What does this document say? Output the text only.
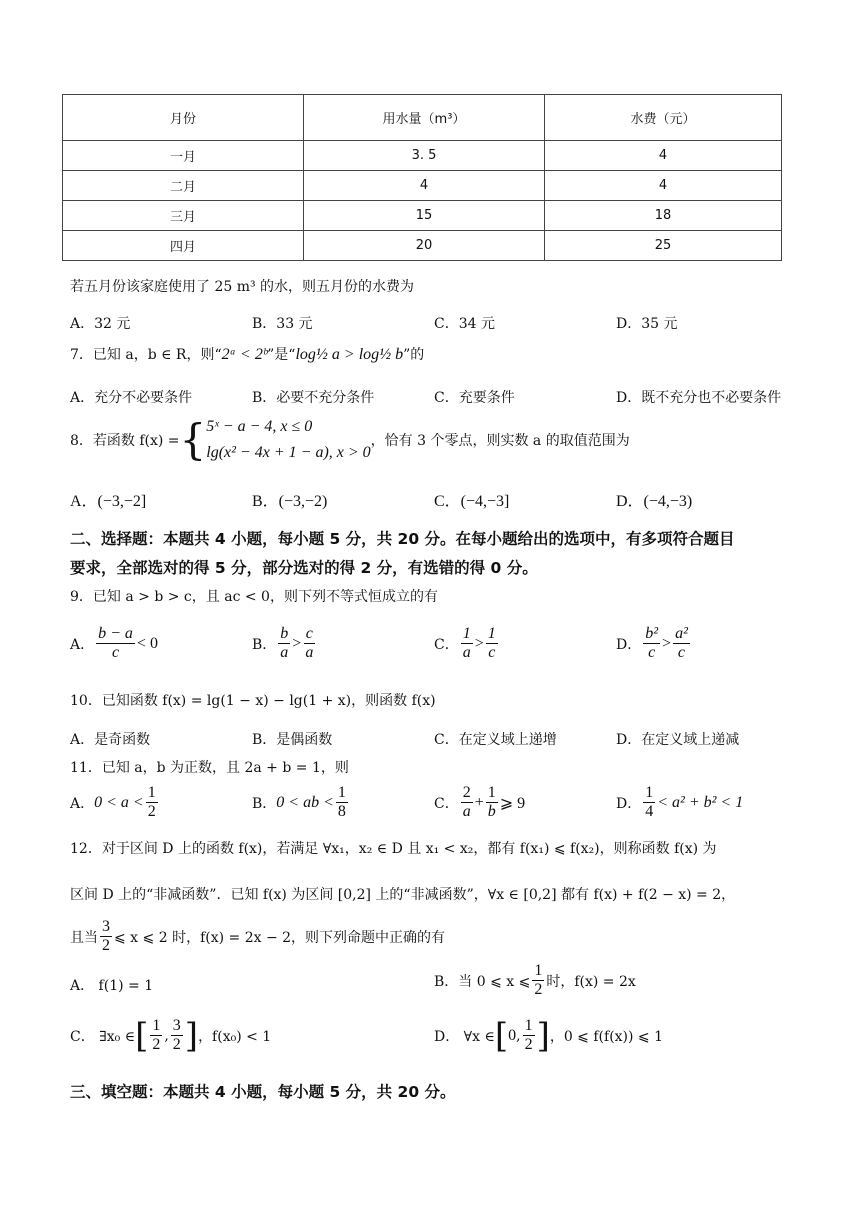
月份	用水量（m³）	水费（元）
一月	3. 5	4
二月	4	4
三月	15	18
四月	20	25
若五月份该家庭使用了 25 m³ 的水，则五月份的水费为
A．32 元	B．33 元	C．34 元	D．35 元
7．已知 a，b ∈ R，则“2ᵃ < 2ᵇ”是“log½ a > log½ b”的
A．充分不必要条件	B．必要不充分条件	C．充要条件	D．既不充分也不必要条件
8．若函数 f(x) = { 5ˣ − a − 4, x ≤ 0
lg(x² − 4x + 1 − a), x > 0
，恰有 3 个零点，则实数 a 的取值范围为
A．(−3,−2]	B．(−3,−2)	C．(−4,−3]	D．(−4,−3)
二、选择题：本题共 4 小题，每小题 5 分，共 20 分。在每小题给出的选项中，有多项符合题目
要求，全部选对的得 5 分，部分选对的得 2 分，有选错的得 0 分。
9．已知 a > b > c，且 ac < 0，则下列不等式恒成立的有
A． $\frac{b - a}{c} < 0$	B． $\frac{b}{a} > \frac{c}{a}$	C． $\frac{1}{a} > \frac{1}{c}$	D． $\frac{\text{b²}}{c} > \frac{\text{a²}}{c}$
10．已知函数 f(x) = lg(1 − x) − lg(1 + x)，则函数 f(x)
A．是奇函数	B．是偶函数	C．在定义域上递增	D．在定义域上递减
11．已知 a，b 为正数，且 2a + b = 1，则
A． $0 < a < \frac{1}{2}$	B． 0 < ab < $\frac{1}{8}$	C． $\frac{2}{a} + \frac{1}{b}$ ⩾ 9	D． $\frac{1}{4} < a^2 + b^2 < 1$
12．对于区间 D 上的函数 f(x)，若满足 ∀x₁，x₂ ∈ D 且 x₁ < x₂，都有 f(x₁) ⩽ f(x₂)，则称函数 f(x) 为
区间 D 上的“非减函数”．已知 f(x) 为区间 [0,2] 上的“非减函数”，∀x ∈ [0,2] 都有 f(x) + f(2 − x) = 2，
且当 $\frac{3}{2}$ ⩽ x ⩽ 2 时，f(x) = 2x − 2，则下列命题中正确的有
A． f(1) = 1	B．当 0 ⩽ x ⩽ $\frac{1}{2}$ 时，f(x) = 2x
C． ∃x₀ ∈ [ $\frac{1}{2}$ , $\frac{3}{2}$ ] ，f(x₀) < 1	D． ∀x ∈ [ 0 , $\frac{1}{2}$ ] ，0 ⩽ f(f(x)) ⩽ 1
三、填空题：本题共 4 小题，每小题 5 分，共 20 分。
